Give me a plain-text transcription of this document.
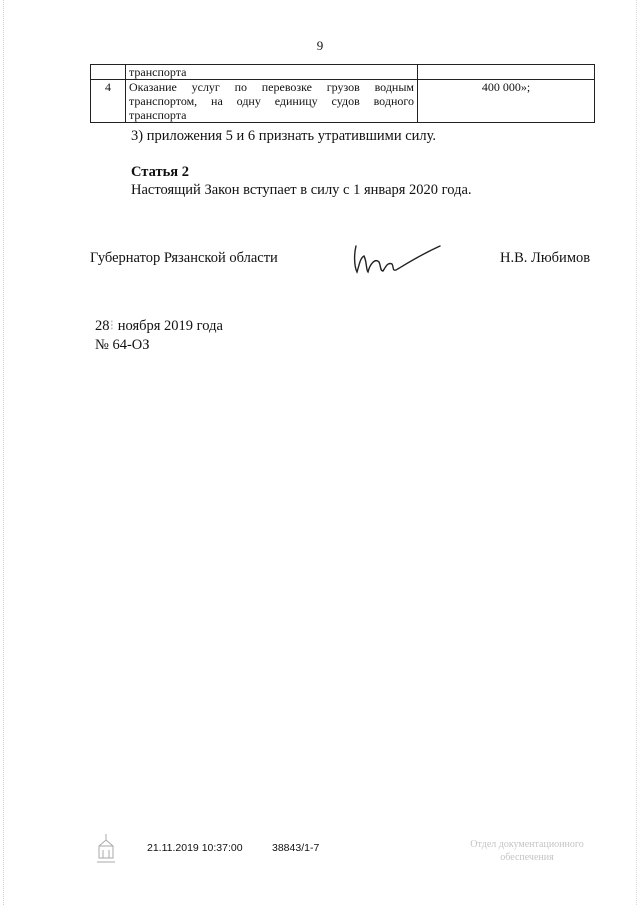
9
	транспорта	
4	Оказание услуг по перевозке грузов водным транспортом, на одну единицу судов водного транспорта	400 000»;
3) приложения 5 и 6 признать утратившими силу.
Статья 2
Настоящий Закон вступает в силу с 1 января 2020 года.
Губернатор Рязанской области	Н.В. Любимов
28⁝ ноября 2019 года
№ 64-ОЗ
21.11.2019 10:37:00	38843/1-7	Отдел документационного
обеспечения
